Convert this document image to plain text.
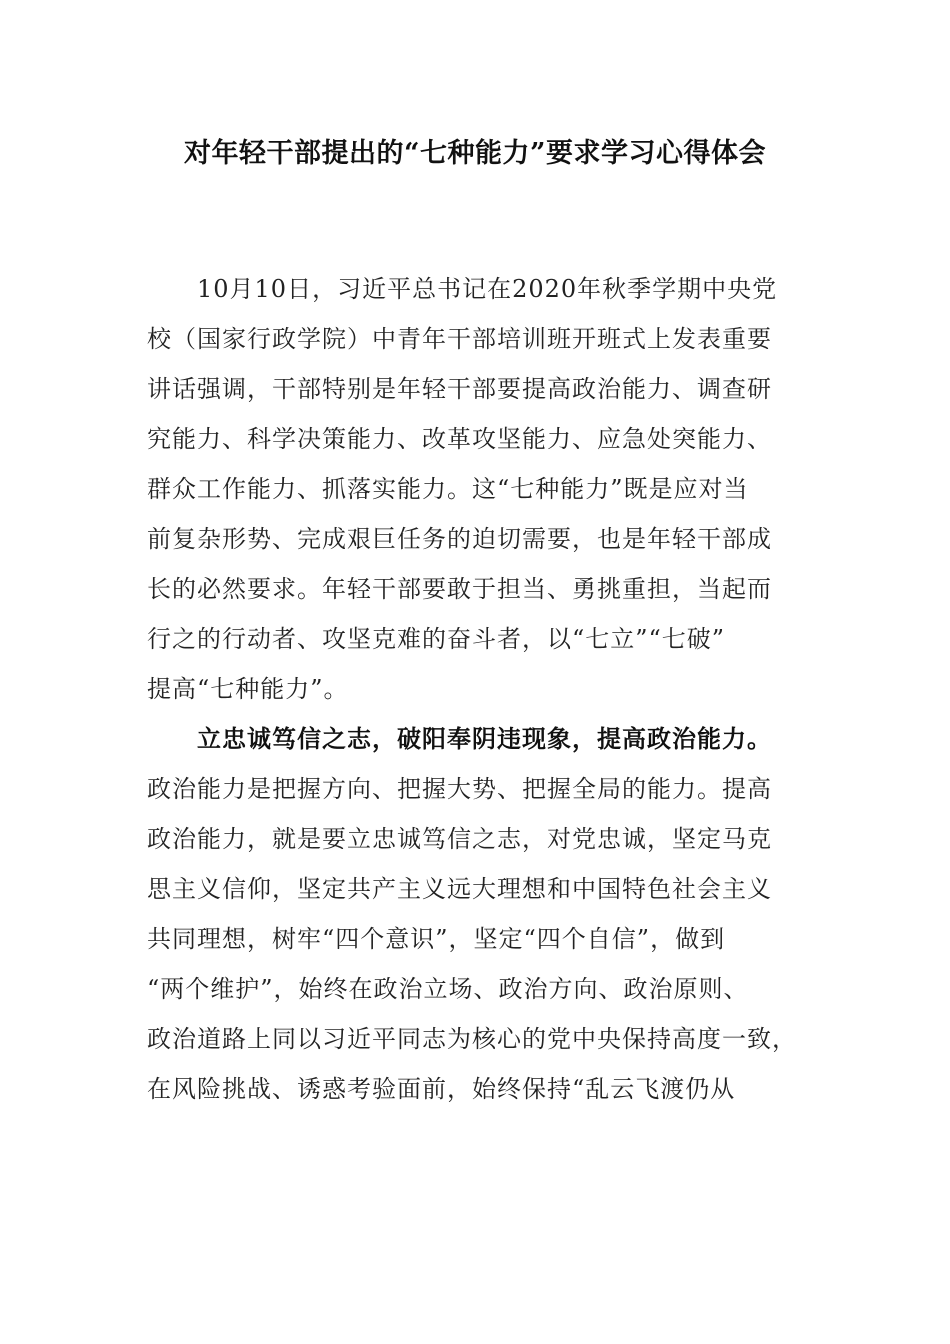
对年轻干部提出的“七种能力”要求学习心得体会
10月10日，习近平总书记在2020年秋季学期中央党
校（国家行政学院）中青年干部培训班开班式上发表重要
讲话强调，干部特别是年轻干部要提高政治能力、调查研
究能力、科学决策能力、改革攻坚能力、应急处突能力、
群众工作能力、抓落实能力。这“七种能力”既是应对当
前复杂形势、完成艰巨任务的迫切需要，也是年轻干部成
长的必然要求。年轻干部要敢于担当、勇挑重担，当起而
行之的行动者、攻坚克难的奋斗者，以“七立”“七破”
提高“七种能力”。
立忠诚笃信之志，破阳奉阴违现象，提高政治能力。
政治能力是把握方向、把握大势、把握全局的能力。提高
政治能力，就是要立忠诚笃信之志，对党忠诚，坚定马克
思主义信仰，坚定共产主义远大理想和中国特色社会主义
共同理想，树牢“四个意识”，坚定“四个自信”，做到
“两个维护”，始终在政治立场、政治方向、政治原则、
政治道路上同以习近平同志为核心的党中央保持高度一致，
在风险挑战、诱惑考验面前，始终保持“乱云飞渡仍从
